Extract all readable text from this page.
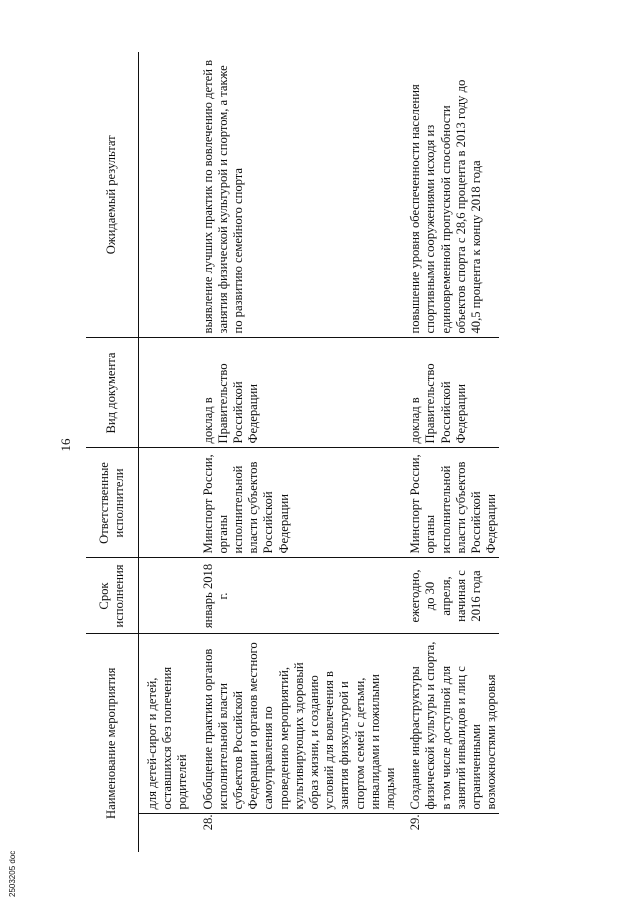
16
Наименование мероприятия		Срок исполнения	Ответственные исполнители	Вид документа	Ожидаемый результат

	для детей-сирот и детей, оставшихся без попечения родителей				
28.	Обобщение практики органов исполнительной власти субъектов Российской Федерации и органов местного самоуправления по проведению мероприятий, культивирующих здоровый образ жизни, и созданию условий для вовлечения в занятия физкультурой и спортом семей с детьми, инвалидами и пожилыми людьми	январь 2018 г.	Минспорт России, органы исполнительной власти субъектов Российской Федерации	доклад в Правительство Российской Федерации	выявление лучших практик по вовлечению детей в занятия физической культурой и спортом, а также по развитию семейного спорта
29.	Создание инфраструктуры физической культуры и спорта, в том числе доступной для занятий инвалидов и лиц с ограниченными возможностями здоровья	ежегодно, до 30 апреля, начиная с 2016 года	Минспорт России, органы исполнительной власти субъектов Российской Федерации	доклад в Правительство Российской Федерации	повышение уровня обеспеченности населения спортивными сооружениями исходя из единовременной пропускной способности объектов спорта с 28,6 процента в 2013 году до 40,5 процента к концу 2018 года
2503205 doc
